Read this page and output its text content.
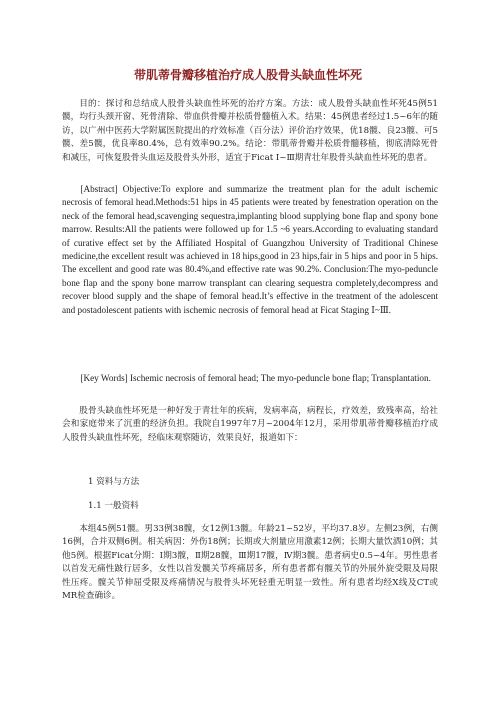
带肌蒂骨瓣移植治疗成人股骨头缺血性坏死

目的：探讨和总结成人股骨头缺血性坏死的治疗方案。方法：成人股骨头缺血性坏死45例51髋，均行头颈开窗、死骨清除、带血供骨瓣并松质骨髓植入术。结果：45例患者经过1.5~6年的随访，以广州中医药大学附属医院提出的疗效标准（百分法）评价治疗效果，优18髋、良23髋、可5髋、差5髋，优良率80.4%，总有效率90.2%。结论：带肌蒂骨瓣并松质骨髓移植，彻底清除死骨和减压，可恢复股骨头血运及股骨头外形，适宜于Ficat Ⅰ~Ⅲ期青壮年股骨头缺血性坏死的患者。

[Abstract] Objective:To explore and summarize the treatment plan for the adult ischemic necrosis of femoral head.Methods:51 hips in 45 patients were treated by fenestration operation on the neck of the femoral head,scavenging sequestra,implanting blood supplying bone flap and spony bone marrow. Results:All the patients were followed up for 1.5 ~6 years.According to evaluating standard of curative effect set by the Affiliated Hospital of Guangzhou University of Traditional Chinese medicine,the excellent result was achieved in 18 hips,good in 23 hips,fair in 5 hips and poor in 5 hips. The excellent and good rate was 80.4%,and effective rate was 90.2%. Conclusion:The myo-peduncle bone flap and the spony bone marrow transplant can clearing sequestra completely,decompress and recover blood supply and the shape of femoral head.It’s effective in the treatment of the adolescent and postadolescent patients with ischemic necrosis of femoral head at Ficat Staging Ⅰ~Ⅲ.

[Key Words] Ischemic necrosis of femoral head; The myo-peduncle bone flap; Transplantation.

股骨头缺血性坏死是一种好发于青壮年的疾病，发病率高，病程长，疗效差，致残率高，给社会和家庭带来了沉重的经济负担。我院自1997年7月~2004年12月，采用带肌蒂骨瓣移植治疗成人股骨头缺血性坏死，经临床观察随访，效果良好，报道如下：

1 资料与方法

1.1 一般资料

本组45例51髋。男33例38髋，女12例13髋。年龄21~52岁，平均37.8岁。左侧23例，右侧16例，合并双侧6例。相关病因：外伤18例；长期或大剂量应用激素12例；长期大量饮酒10例；其他5例。根据Ficat分期：Ⅰ期3髋，Ⅱ期28髋，Ⅲ期17髋，Ⅳ期3髋。患者病史0.5~4年。男性患者以首发无痛性跛行居多，女性以首发髋关节疼痛居多，所有患者都有髋关节的外展外旋受限及局限性压疼。髋关节伸屈受限及疼痛情况与股骨头坏死轻重无明显一致性。所有患者均经X线及CT或MR检查确诊。
